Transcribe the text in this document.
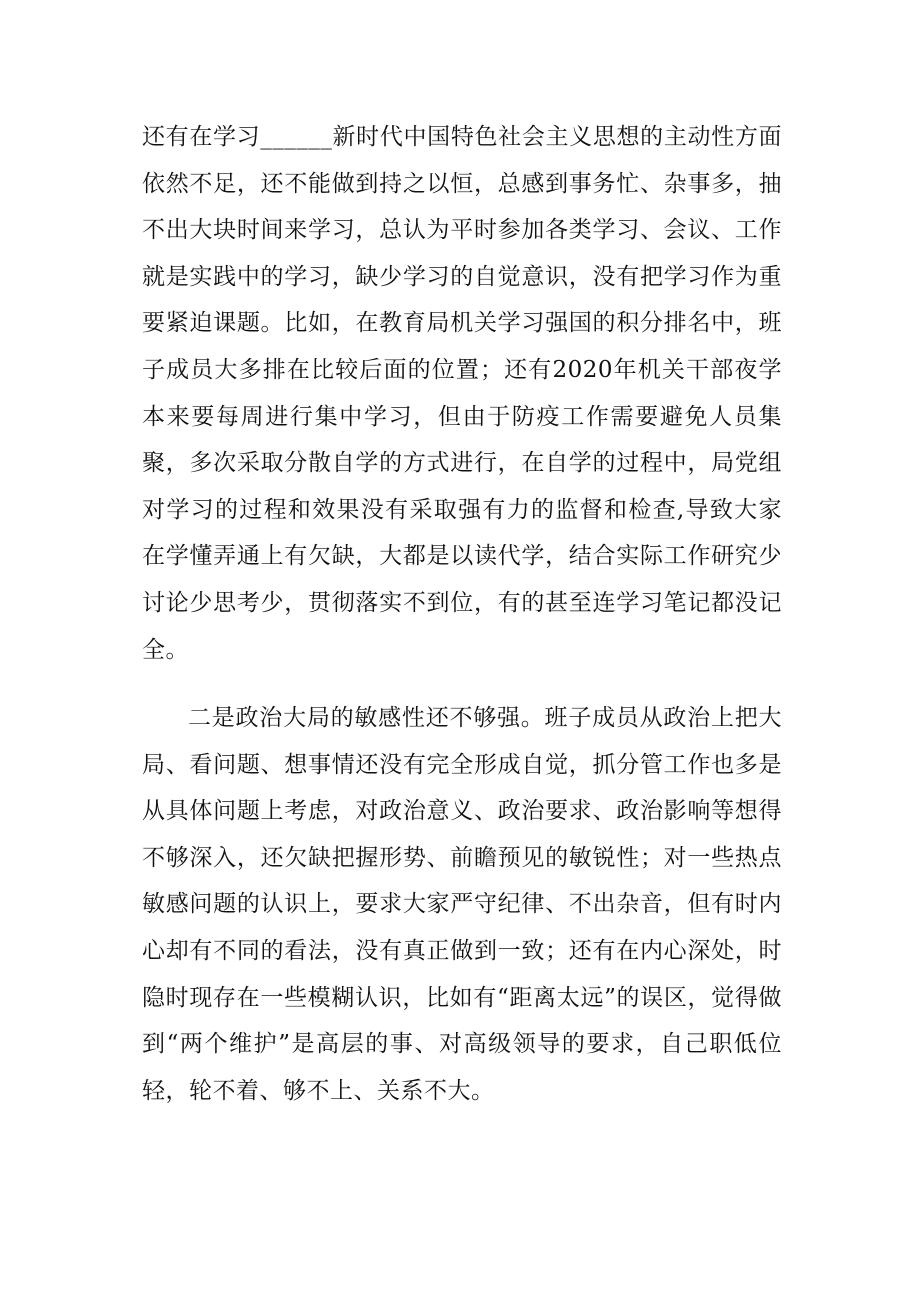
还有在学习______新时代中国特色社会主义思想的主动性方面依然不足，还不能做到持之以恒，总感到事务忙、杂事多，抽不出大块时间来学习，总认为平时参加各类学习、会议、工作就是实践中的学习，缺少学习的自觉意识，没有把学习作为重要紧迫课题。比如，在教育局机关学习强国的积分排名中，班子成员大多排在比较后面的位置；还有2020年机关干部夜学本来要每周进行集中学习，但由于防疫工作需要避免人员集聚，多次采取分散自学的方式进行，在自学的过程中，局党组对学习的过程和效果没有采取强有力的监督和检查,导致大家在学懂弄通上有欠缺，大都是以读代学，结合实际工作研究少讨论少思考少，贯彻落实不到位，有的甚至连学习笔记都没记全。

二是政治大局的敏感性还不够强。班子成员从政治上把大局、看问题、想事情还没有完全形成自觉，抓分管工作也多是从具体问题上考虑，对政治意义、政治要求、政治影响等想得不够深入，还欠缺把握形势、前瞻预见的敏锐性；对一些热点敏感问题的认识上，要求大家严守纪律、不出杂音，但有时内心却有不同的看法，没有真正做到一致；还有在内心深处，时隐时现存在一些模糊认识，比如有“距离太远”的误区，觉得做到“两个维护”是高层的事、对高级领导的要求，自己职低位轻，轮不着、够不上、关系不大。
